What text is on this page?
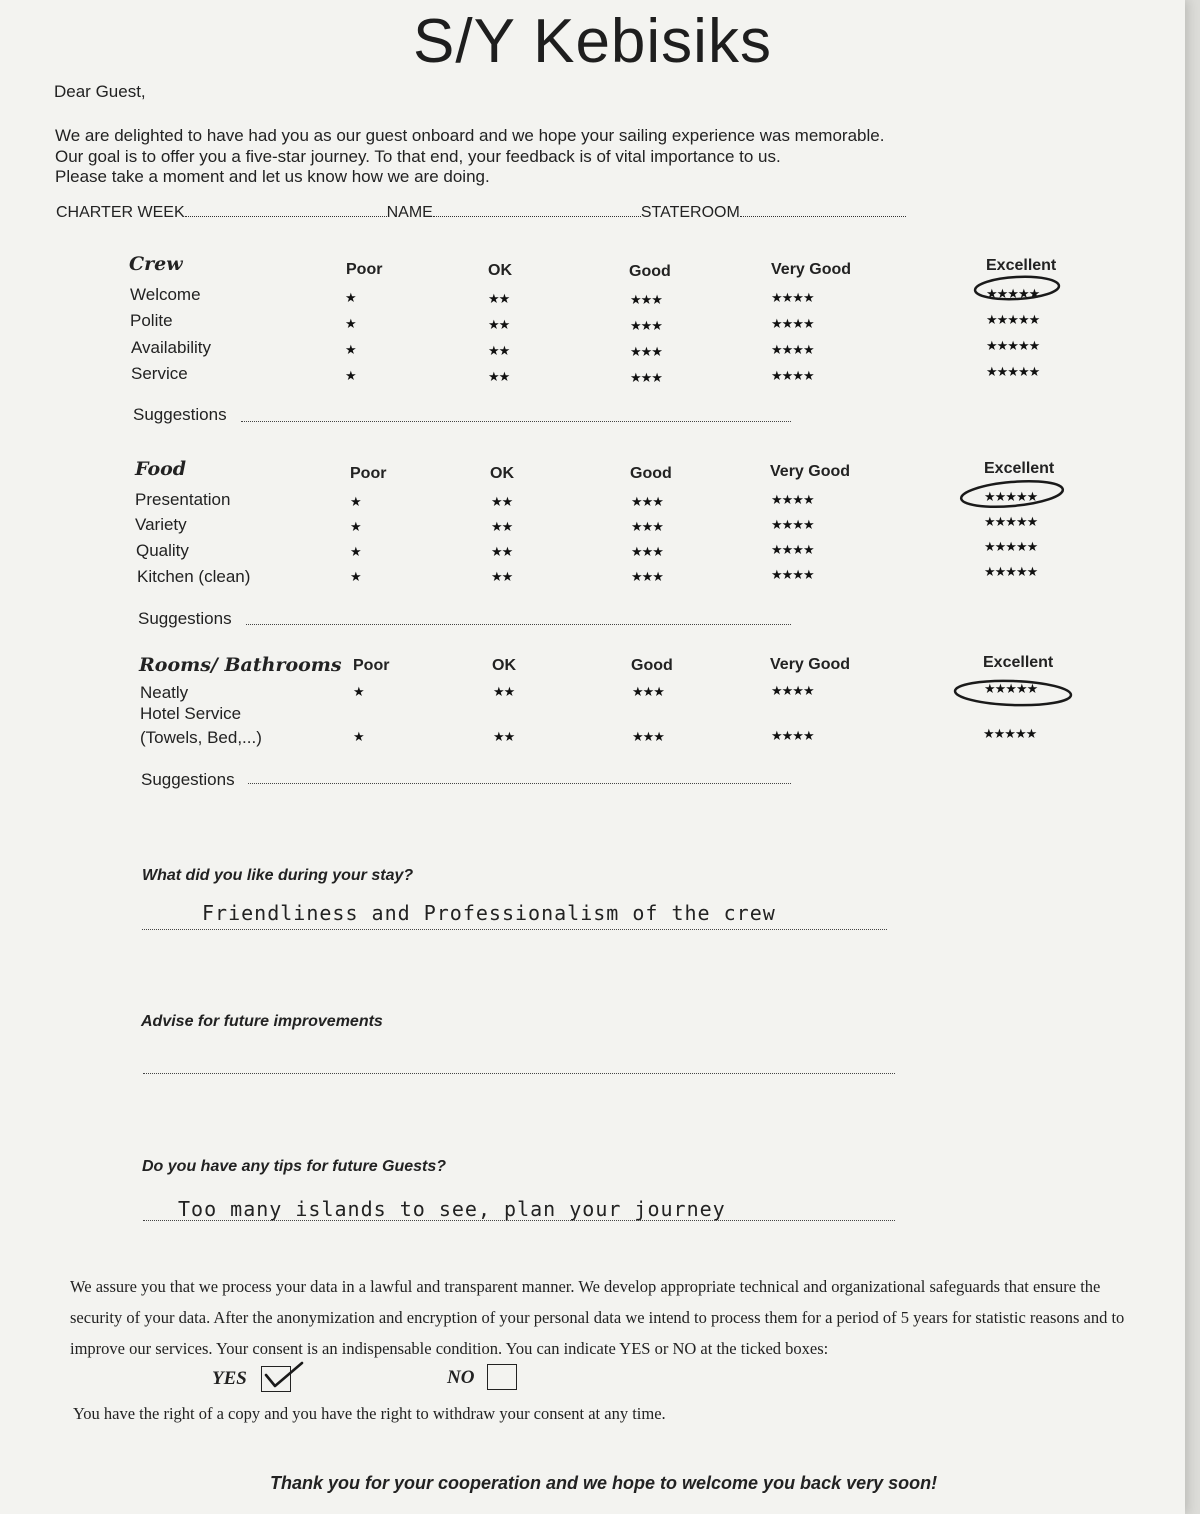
S/Y Kebisiks
Dear Guest,
We are delighted to have had you as our guest onboard and we hope your sailing experience was memorable.
Our goal is to offer you a five-star journey. To that end, your feedback is of vital importance to us.
Please take a moment and let us know how we are doing.
CHARTER WEEK	NAME	STATEROOM
Crew	Poor	OK	Good	Very Good	Excellent
Welcome	★	★★	★★★	★★★★	★★★★★
Polite	★	★★	★★★	★★★★	★★★★★
Availability	★	★★	★★★	★★★★	★★★★★
Service	★	★★	★★★	★★★★	★★★★★
Suggestions
Food	Poor	OK	Good	Very Good	Excellent
Presentation	★	★★	★★★	★★★★	★★★★★
Variety	★	★★	★★★	★★★★	★★★★★
Quality	★	★★	★★★	★★★★	★★★★★
Kitchen (clean)	★	★★	★★★	★★★★	★★★★★
Suggestions
Rooms/ Bathrooms Poor	OK	Good	Very Good	Excellent
Neatly	★	★★	★★★	★★★★	★★★★★
Hotel Service
(Towels, Bed,...)	★	★★	★★★	★★★★	★★★★★
Suggestions
What did you like during your stay?
Friendliness and Professionalism of the crew
Advise for future improvements
Do you have any tips for future Guests?
Too many islands to see, plan your journey
We assure you that we process your data in a lawful and transparent manner. We develop appropriate technical and organizational safeguards that ensure the security of your data. After the anonymization and encryption of your personal data we intend to process them for a period of 5 years for statistic reasons and to improve our services. Your consent is an indispensable condition. You can indicate YES or NO at the ticked boxes:
YES	NO
You have the right of a copy and you have the right to withdraw your consent at any time.
Thank you for your cooperation and we hope to welcome you back very soon!
